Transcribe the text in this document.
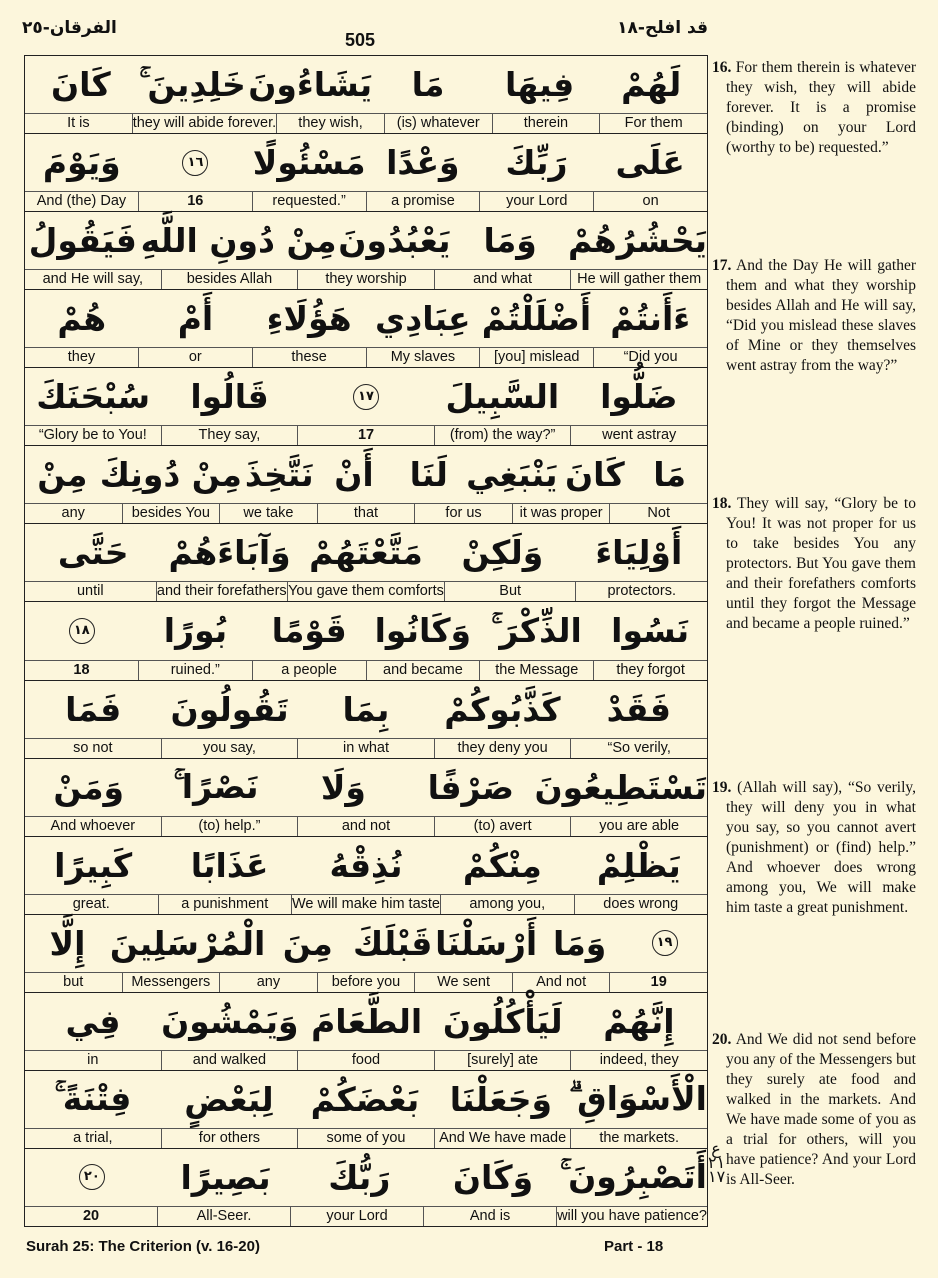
قد افلح-١٨
505
الفرقان-٢٥
لَهُمْ
فِيهَا
مَا
يَشَاءُونَ
خَلِدِينَ ۚ
كَانَ
For them
therein
(is) whatever
they wish,
they will abide forever.
It is
عَلَى
رَبِّكَ
وَعْدًا
مَسْئُولًا
١٦
وَيَوْمَ
on
your Lord
a promise
requested.”
16
And (the) Day
يَحْشُرُهُمْ
وَمَا
يَعْبُدُونَ
مِنْ دُونِ اللَّهِ
فَيَقُولُ
He will gather them
and what
they worship
besides Allah
and He will say,
ءَأَنتُمْ
أَضْلَلْتُمْ
عِبَادِي
هَؤُلَاءِ
أَمْ
هُمْ
“Did you
[you] mislead
My slaves
these
or
they
ضَلُّوا
السَّبِيلَ
١٧
قَالُوا
سُبْحَنَكَ
went astray
(from) the way?”
17
They say,
“Glory be to You!
مَا
كَانَ
يَنْبَغِي
لَنَا
أَنْ
نَتَّخِذَ
مِنْ دُونِكَ
مِنْ
Not
it was proper
for us
that
we take
besides You
any
أَوْلِيَاءَ
وَلَكِنْ
مَتَّعْتَهُمْ
وَآبَاءَهُمْ
حَتَّى
protectors.
But
You gave them comforts
and their forefathers
until
نَسُوا
الذِّكْرَ ۚ
وَكَانُوا
قَوْمًا
بُورًا
١٨
they forgot
the Message
and became
a people
ruined.”
18
فَقَدْ
كَذَّبُوكُمْ
بِمَا
تَقُولُونَ
فَمَا
“So verily,
they deny you
in what
you say,
so not
تَسْتَطِيعُونَ
صَرْفًا
وَلَا
نَصْرًا ۚ
وَمَنْ
you are able
(to) avert
and not
(to) help.”
And whoever
يَظْلِمْ
مِنْكُمْ
نُذِقْهُ
عَذَابًا
كَبِيرًا
does wrong
among you,
We will make him taste
a punishment
great.
١٩
وَمَا
أَرْسَلْنَا
قَبْلَكَ
مِنَ
الْمُرْسَلِينَ
إِلَّا
19
And not
We sent
before you
any
Messengers
but
إِنَّهُمْ
لَيَأْكُلُونَ
الطَّعَامَ
وَيَمْشُونَ
فِي
indeed, they
[surely] ate
food
and walked
in
الْأَسْوَاقِ ۗ
وَجَعَلْنَا
بَعْضَكُمْ
لِبَعْضٍ
فِتْنَةً ۚ
the markets.
And We have made
some of you
for others
a trial,
أَتَصْبِرُونَ ۚ
وَكَانَ
رَبُّكَ
بَصِيرًا
٢٠
will you have patience?
And is
your Lord
All-Seer.
20
16. For them therein is whatever they wish, they will abide forever. It is a promise (binding) on your Lord (worthy to be) requested.”
17. And the Day He will gather them and what they worship besides Allah and He will say, “Did you mislead these slaves of Mine or they themselves went astray from the way?”
18. They will say, “Glory be to You! It was not proper for us to take besides You any protectors. But You gave them and their forefathers comforts until they forgot the Message and became a people ruined.”
19. (Allah will say), “So verily, they will deny you in what you say, so you cannot avert (punishment) or (find) help.” And whoever does wrong among you, We will make him taste a great punishment.
20. And We did not send before you any of the Messengers but they surely ate food and walked in the markets. And We have made some of you as a trial for others, will you have patience? And your Lord is All-Seer.
ع ٢١ ١٧
Surah 25: The Criterion (v. 16-20)	Part - 18
